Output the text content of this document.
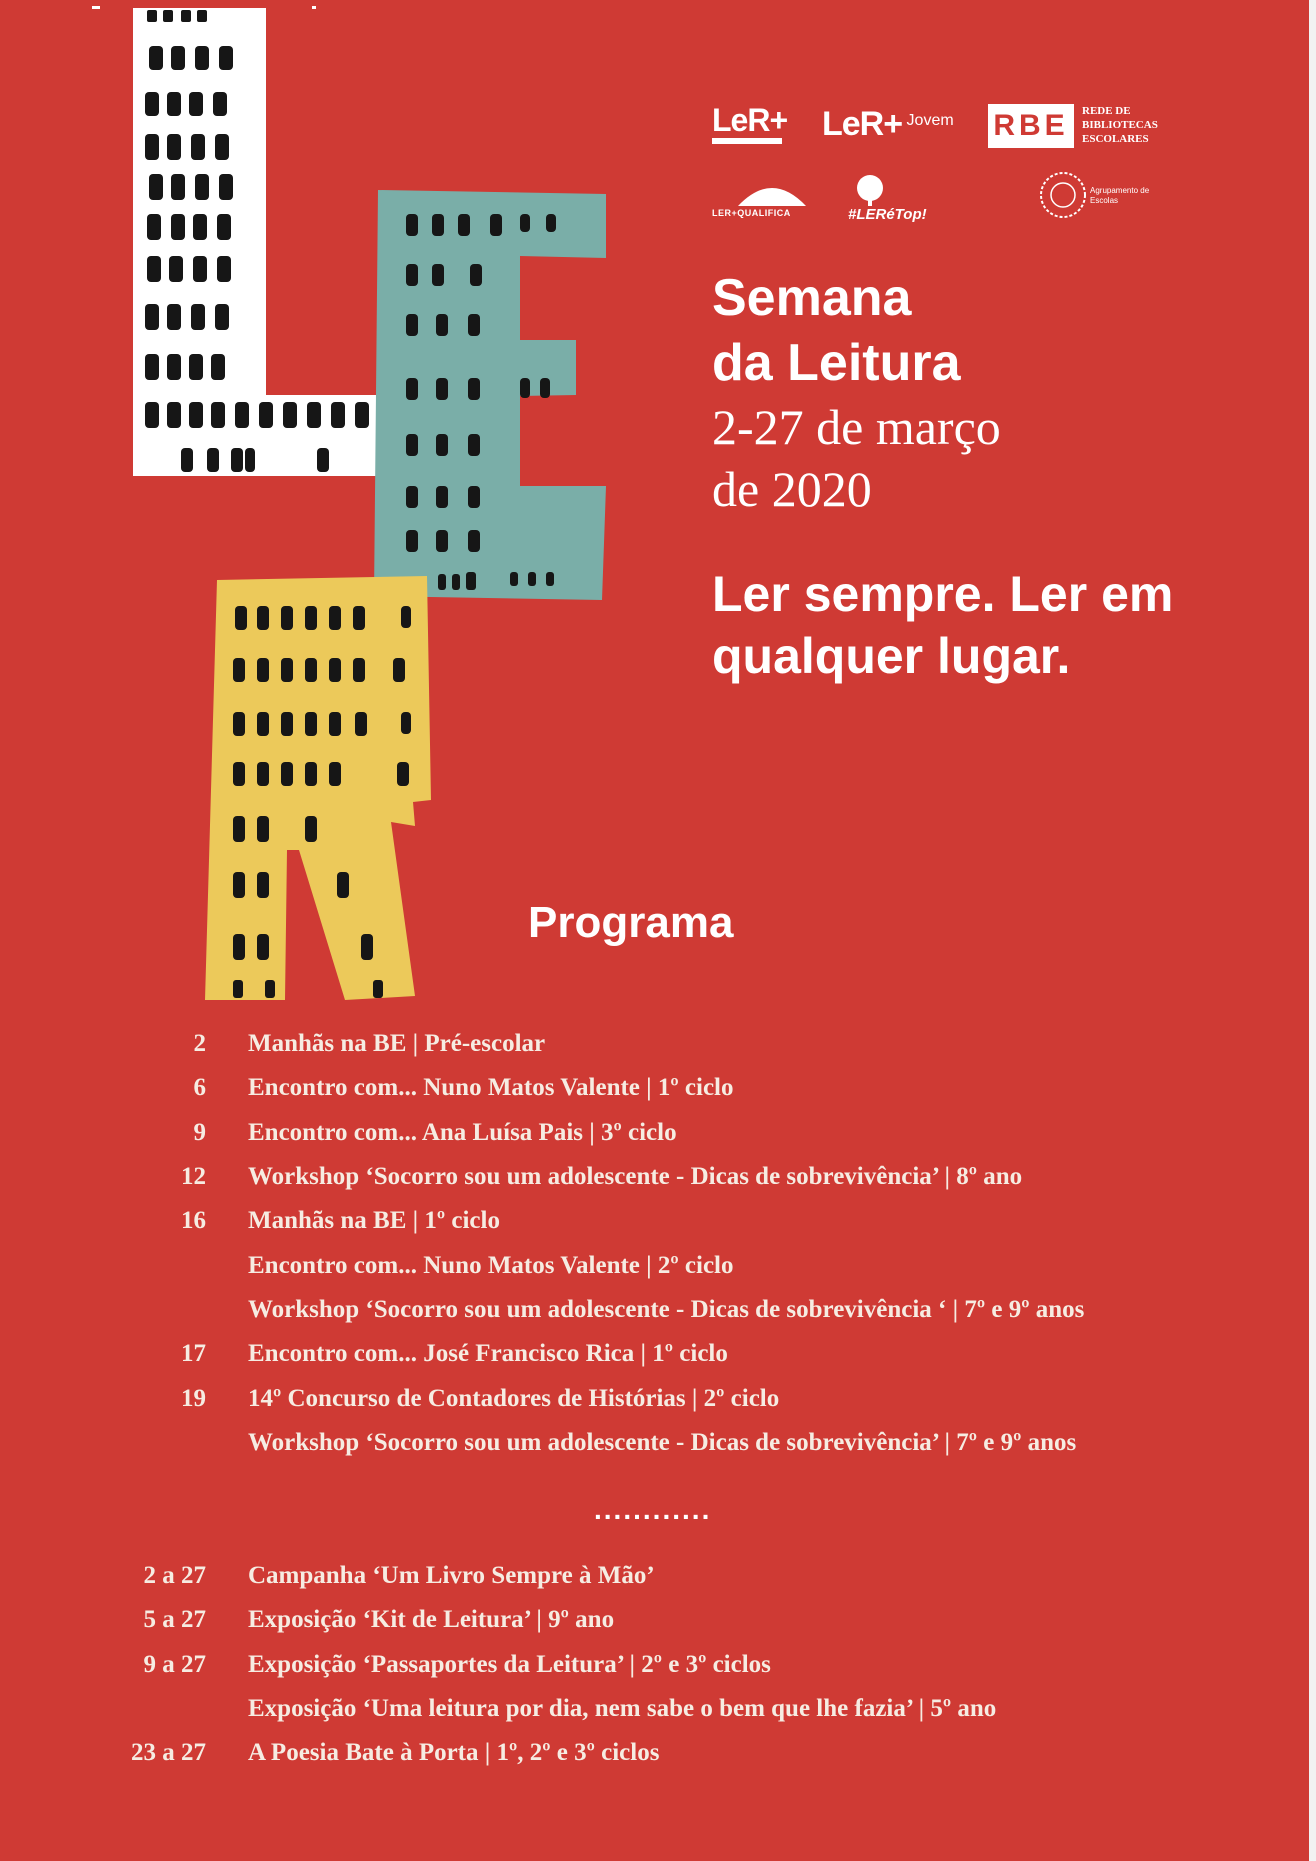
LeR+ LeR+ Jovem RBE	REDE DE
BIBLIOTECAS
ESCOLARES
LER+QUALIFICA	#LERéTop!
Agrupamento de Escolas
Semana
da Leitura
2-27 de março
de 2020
Ler sempre. Ler em qualquer lugar.
Programa
2 Manhãs na BE | Pré-escolar
6 Encontro com... Nuno Matos Valente | 1º ciclo
9 Encontro com... Ana Luísa Pais | 3º ciclo
12 Workshop ‘Socorro sou um adolescente - Dicas de sobrevivência’ | 8º ano
16 Manhãs na BE | 1º ciclo
Encontro com... Nuno Matos Valente | 2º ciclo
Workshop ‘Socorro sou um adolescente - Dicas de sobrevivência ‘ | 7º e 9º anos
17 Encontro com... José Francisco Rica | 1º ciclo
19 14º Concurso de Contadores de Histórias | 2º ciclo
Workshop ‘Socorro sou um adolescente - Dicas de sobrevivência’ | 7º e 9º anos
............
2 a 27 Campanha ‘Um Livro Sempre à Mão’
5 a 27 Exposição ‘Kit de Leitura’ | 9º ano
9 a 27 Exposição ‘Passaportes da Leitura’ | 2º e 3º ciclos
Exposição ‘Uma leitura por dia, nem sabe o bem que lhe fazia’ | 5º ano
23 a 27 A Poesia Bate à Porta | 1º, 2º e 3º ciclos
